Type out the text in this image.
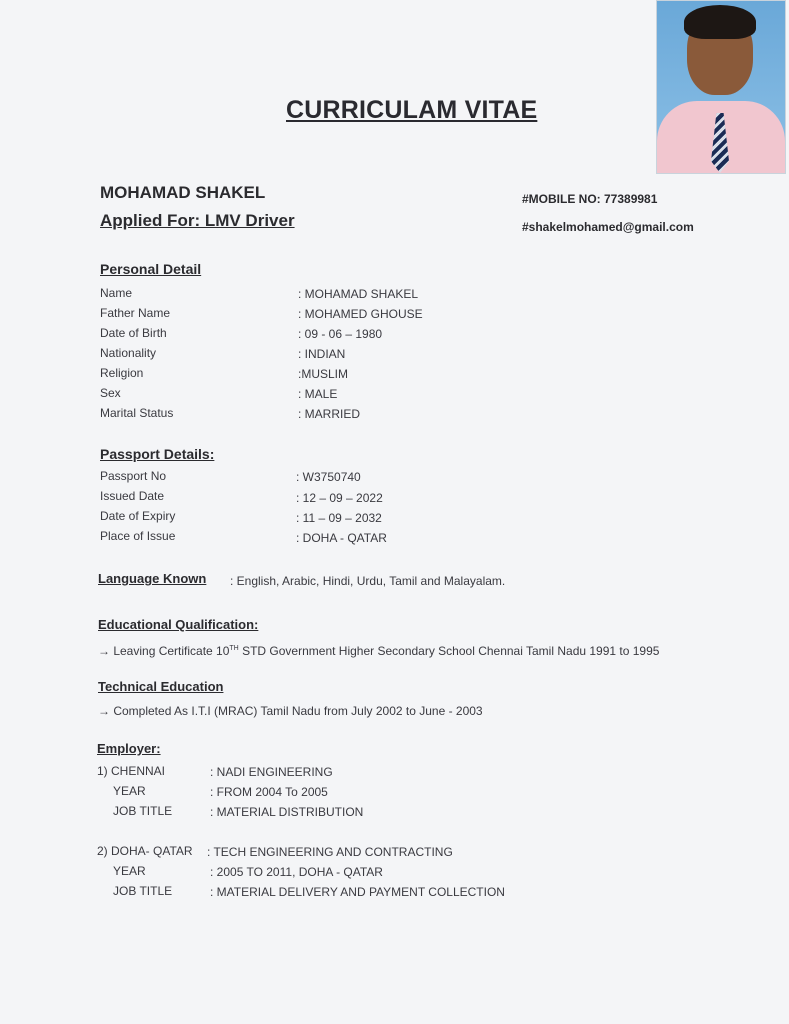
CURRICULAM VITAE
MOHAMAD SHAKEL
Applied For: LMV Driver
#MOBILE NO: 77389981
#shakelmohamed@gmail.com
Personal Detail
Name	: MOHAMAD SHAKEL
Father Name	: MOHAMED GHOUSE
Date of Birth	: 09 - 06 – 1980
Nationality	: INDIAN
Religion	:MUSLIM
Sex	: MALE
Marital Status	: MARRIED
Passport Details:
Passport No	: W3750740
Issued Date	: 12 – 09 – 2022
Date of Expiry	: 11 – 09 – 2032
Place of Issue	: DOHA - QATAR
Language Known : English, Arabic, Hindi, Urdu, Tamil and Malayalam.
Educational Qualification:
→ Leaving Certificate 10TH STD Government Higher Secondary School Chennai Tamil Nadu 1991 to 1995
Technical Education
→ Completed As I.T.I (MRAC) Tamil Nadu from July 2002 to June - 2003
Employer:
1) CHENNAI	: NADI ENGINEERING
YEAR	: FROM 2004 To 2005
JOB TITLE	: MATERIAL DISTRIBUTION
2) DOHA- QATAR : TECH ENGINEERING AND CONTRACTING
YEAR	: 2005 TO 2011, DOHA - QATAR
JOB TITLE	: MATERIAL DELIVERY AND PAYMENT COLLECTION
